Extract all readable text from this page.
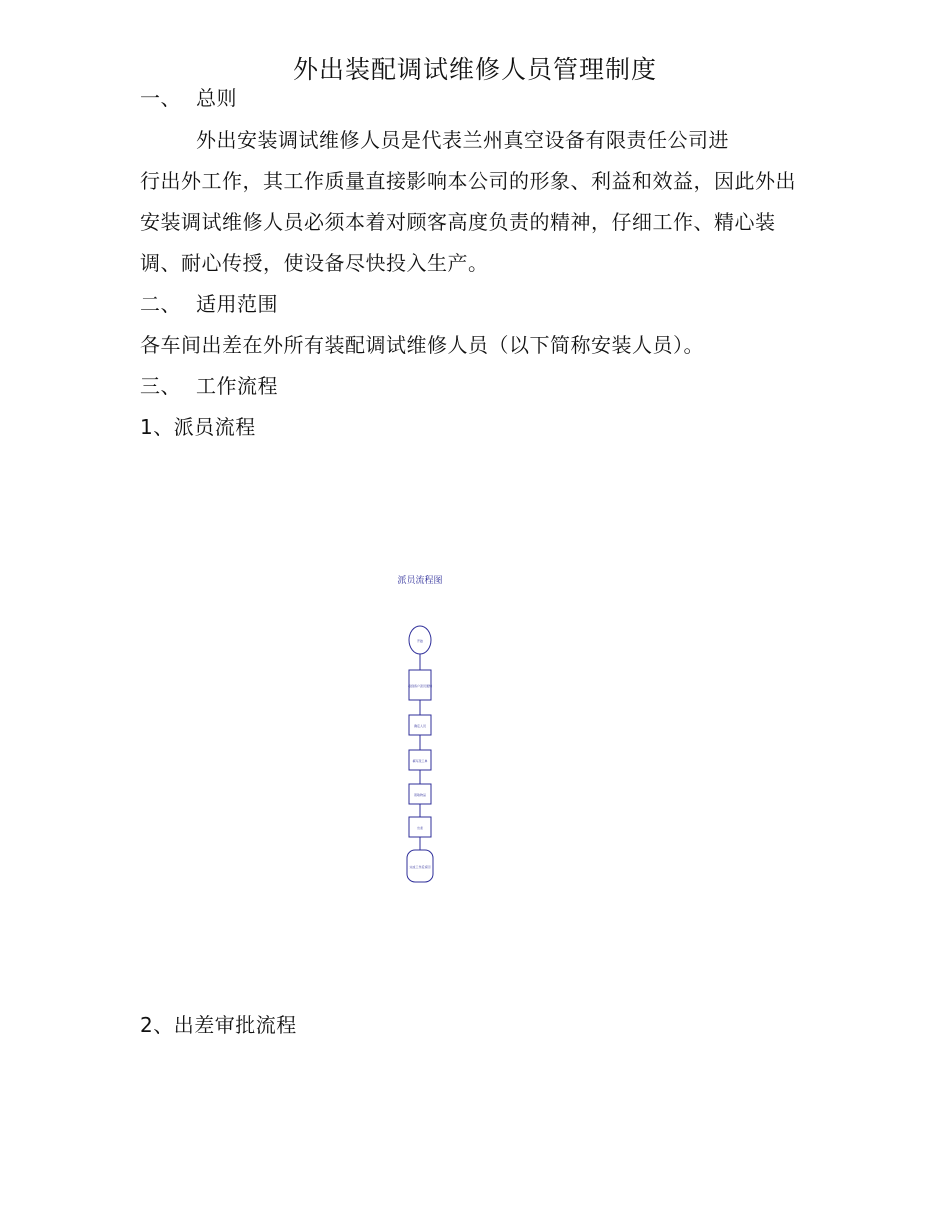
外出装配调试维修人员管理制度
一、 总则
外出安装调试维修人员是代表兰州真空设备有限责任公司进
行出外工作，其工作质量直接影响本公司的形象、利益和效益，因此外出
安装调试维修人员必须本着对顾客高度负责的精神，仔细工作、精心装
调、耐心传授，使设备尽快投入生产。
二、 适用范围
各车间出差在外所有装配调试维修人员（以下简称安装人员）。
三、 工作流程
1、派员流程
派员流程图
开始
接到客户派员通知
确定人员
填写派工单
领取物品
出差
完成工作后返回
2、出差审批流程
